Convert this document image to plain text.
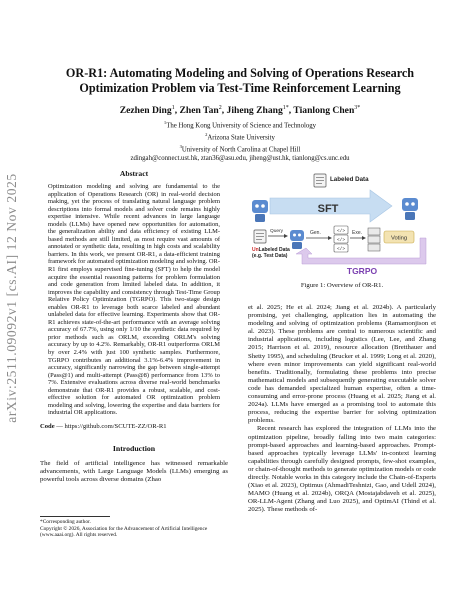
arXiv:2511.09092v1 [cs.AI] 12 Nov 2025
OR-R1: Automating Modeling and Solving of Operations Research Optimization Problem via Test-Time Reinforcement Learning
Zezhen Ding$^1$, Zhen Tan$^2$, Jiheng Zhang$^{1*}$, Tianlong Chen$^{3*}$
$^1$The Hong Kong University of Science and Technology
$^2$Arizona State University
$^3$University of North Carolina at Chapel Hill
zdingah@connect.ust.hk, ztan36@asu.edu, jiheng@ust.hk, tianlong@cs.unc.edu
Abstract
Optimization modeling and solving are fundamental to the application of Operations Research (OR) in real-world decision making, yet the process of translating natural language problem descriptions into formal models and solver code remains highly expertise intensive. While recent advances in large language models (LLMs) have opened new opportunities for automation, the generalization ability and data efficiency of existing LLM-based methods are still limited, as most require vast amounts of annotated or synthetic data, resulting in high costs and scalability barriers. In this work, we present OR-R1, a data-efficient training framework for automated optimization modeling and solving. OR-R1 first employs supervised fine-tuning (SFT) to help the model acquire the essential reasoning patterns for problem formulation and code generation from limited labeled data. In addition, it improves the capability and consistency through Test-Time Group Relative Policy Optimization (TGRPO). This two-stage design enables OR-R1 to leverage both scarce labeled and abundant unlabeled data for effective learning. Experiments show that OR-R1 achieves state-of-the-art performance with an average solving accuracy of 67.7%, using only 1/10 the synthetic data required by prior methods such as ORLM, exceeding ORLM's solving accuracy by up to 4.2%. Remarkably, OR-R1 outperforms ORLM by over 2.4% with just 100 synthetic samples. Furthermore, TGRPO contributes an additional 3.1%-6.4% improvement in accuracy, significantly narrowing the gap between single-attempt (Pass@1) and multi-attempt (Pass@8) performance from 13% to 7%. Extensive evaluations across diverse real-world benchmarks demonstrate that OR-R1 provides a robust, scalable, and cost-effective solution for automated OR optimization problem modeling and solving, lowering the expertise and data barriers for industrial OR applications.
Code — https://github.com/SCUTE-ZZ/OR-R1
Introduction
The field of artificial intelligence has witnessed remarkable advancements, with Large Language Models (LLMs) emerging as powerful tools across diverse domains (Zhao
*Corresponding author.
Copyright © 2026, Association for the Advancement of Artificial Intelligence (www.aaai.org). All rights reserved.
SFT
Labeled Data
UnLabeled Data
(e.g. Test Data)
Query	Gen.	</>
</>
</>
Exe.
Voting
TGRPO
Figure 1: Overview of OR-R1.

et al. 2025; He et al. 2024; Jiang et al. 2024b). A particularly promising, yet challenging, application lies in automating the modeling and solving of optimization problems (Ramamonjison et al. 2023). These problems are central to numerous scientific and industrial applications, including logistics (Lee, Lee, and Zhang 2015; Harrison et al. 2019), resource allocation (Bretthauer and Shetty 1995), and scheduling (Brucker et al. 1999; Long et al. 2020), where even minor improvements can yield significant real-world benefits. Traditionally, formulating these problems into precise mathematical models and subsequently generating executable solver code has demanded specialized human expertise, often a time-consuming and error-prone process (Huang et al. 2025; Jiang et al. 2024a). LLMs have emerged as a promising tool to automate this process, reducing the expertise barrier for solving optimization problems.

Recent research has explored the integration of LLMs into the optimization pipeline, broadly falling into two main categories: prompt-based approaches and learning-based approaches. Prompt-based approaches typically leverage LLMs' in-context learning capabilities through carefully designed prompts, few-shot examples, or chain-of-thought methods to generate optimization models or code directly. Notable works in this category include the Chain-of-Experts (Xiao et al. 2023), Optimus (AhmadiTeshnizi, Gao, and Udell 2024), MAMO (Huang et al. 2024b), ORQA (Mostajabdaveh et al. 2025), OR-LLM-Agent (Zhang and Luo 2025), and OptimAI (Thind et al. 2025). These methods of-
